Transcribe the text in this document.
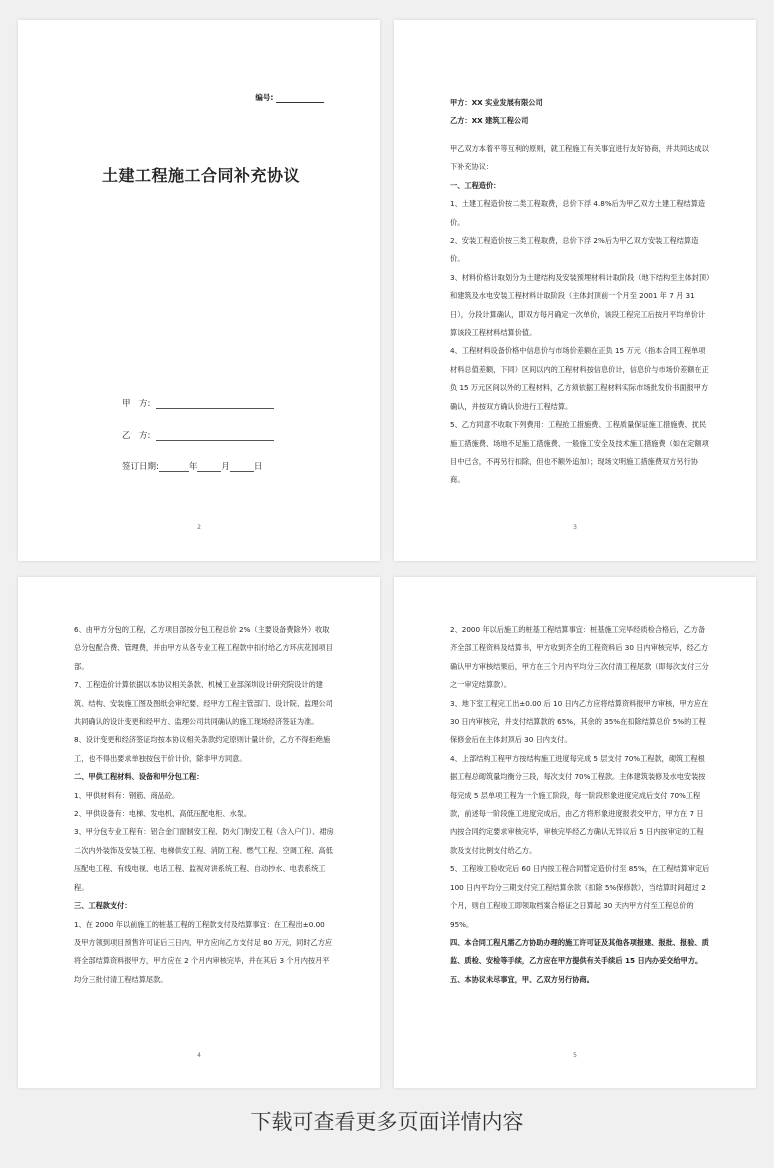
编号:
土建工程施工合同补充协议
甲　方:
乙　方:
签订日期:	年	月	日
2
甲方：XX 实业发展有限公司
乙方：XX 建筑工程公司
甲乙双方本着平等互利的原则，就工程施工有关事宜进行友好协商，并共同达成以下补充协议：
一、工程造价：
1、土建工程造价按二类工程取费，总价下浮 4.8%后为甲乙双方土建工程结算造价。
2、安装工程造价按三类工程取费，总价下浮 2%后为甲乙双方安装工程结算造价。
3、材料价格计取划分为土建结构及安装预埋材料计取阶段（地下结构至主体封顶）和建筑及水电安装工程材料计取阶段（主体封顶前一个月至 2001 年 7 月 31 日），分段计算确认，即双方每月确定一次单价，该段工程完工后按月平均单价计算该段工程材料结算价值。
4、工程材料设备价格中信息价与市场价差额在正负 15 万元（指本合同工程单项材料总值差额，下同）区间以内的工程材料按信息价计，信息价与市场价差额在正负 15 万元区间以外的工程材料，乙方须依据工程材料实际市场批发价书面报甲方确认，并按双方确认价进行工程结算。
5、乙方同意不收取下列费用：工程抢工措施费、工程质量保证施工措施费、扰民施工措施费、场地不足施工措施费、一般施工安全及技术施工措施费（如在定额项目中已含，不再另行扣除，但也不额外追加）；现场文明施工措施费双方另行协商。
3
6、由甲方分包的工程，乙方项目部按分包工程总价 2%（主要设备费除外）收取总分包配合费、管理费，并由甲方从各专业工程工程款中扣付给乙方环庆花园项目部。
7、工程造价计算依据以本协议相关条款、机械工业部深圳设计研究院设计的建筑、结构、安装施工图及图纸会审纪要、经甲方工程主管部门、设计院、监理公司共同确认的设计变更和经甲方、监理公司共同确认的施工现场经济签证为准。
8、设计变更和经济签证均按本协议相关条款约定原则计量计价，乙方不得拒绝施工，也不得出要求单独按包干价计价，除非甲方同意。
二、甲供工程材料、设备和甲分包工程：
1、甲供材料有：钢筋、商品砼。
2、甲供设备有：电梯、发电机、高低压配电柜、水泵。
3、甲分包专业工程有：铝合金门窗制安工程、防火门制安工程（含入户门）、裙房二次内外装饰及安装工程、电梯供安工程、消防工程、燃气工程、空调工程、高低压配电工程、有线电视、电话工程、监视对讲系统工程、自动抄水、电表系统工程。
三、工程款支付：
1、在 2000 年以前施工的桩基工程的工程款支付及结算事宜：在工程出±0.00 及甲方领到项目预售许可证后三日内，甲方应向乙方支付足 80 万元，同时乙方应将全部结算资料报甲方，甲方应在 2 个月内审核完毕，并在其后 3 个月内按月平均分三批付清工程结算尾款。
4
2、2000 年以后施工的桩基工程结算事宜：桩基施工完毕经质检合格后，乙方备齐全部工程资料及结算书，甲方收到齐全的工程资料后 30 日内审核完毕，经乙方确认甲方审核结果后，甲方在三个月内平均分三次付清工程尾款（即每次支付三分之一审定结算款）。
3、地下室工程完工出±0.00 后 10 日内乙方应将结算资料报甲方审核，甲方应在 30 日内审核完，并支付结算款的 65%，其余的 35%在扣除结算总价 5%的工程保修金后在主体封顶后 30 日内支付。
4、上部结构工程甲方按结构施工进度每完成 5 层支付 70%工程款，砌筑工程根据工程总砌筑量均衡分三段，每次支付 70%工程款。主体建筑装修及水电安装按每完成 5 层单项工程为一个施工阶段，每一阶段形象进度完成后支付 70%工程款，前述每一阶段施工进度完成后，由乙方将形象进度报表交甲方，甲方在 7 日内按合同约定要求审核完毕，审核完毕经乙方确认无异议后 5 日内按审定的工程款及支付比例支付给乙方。
5、工程竣工验收完后 60 日内按工程合同暂定造价付至 85%，在工程结算审定后 100 日内平均分三期支付完工程结算余款（扣除 5%保修款），当结算时间超过 2 个月，则自工程竣工即领取档案合格证之日算起 30 天内甲方付至工程总价的 95%。
四、本合同工程凡需乙方协助办理的施工许可证及其他各项报建、报批、报验、质监、质检、安检等手续，乙方应在甲方提供有关手续后 15 日内办妥交给甲方。
五、本协议未尽事宜，甲、乙双方另行协商。
5
下载可查看更多页面详情内容
